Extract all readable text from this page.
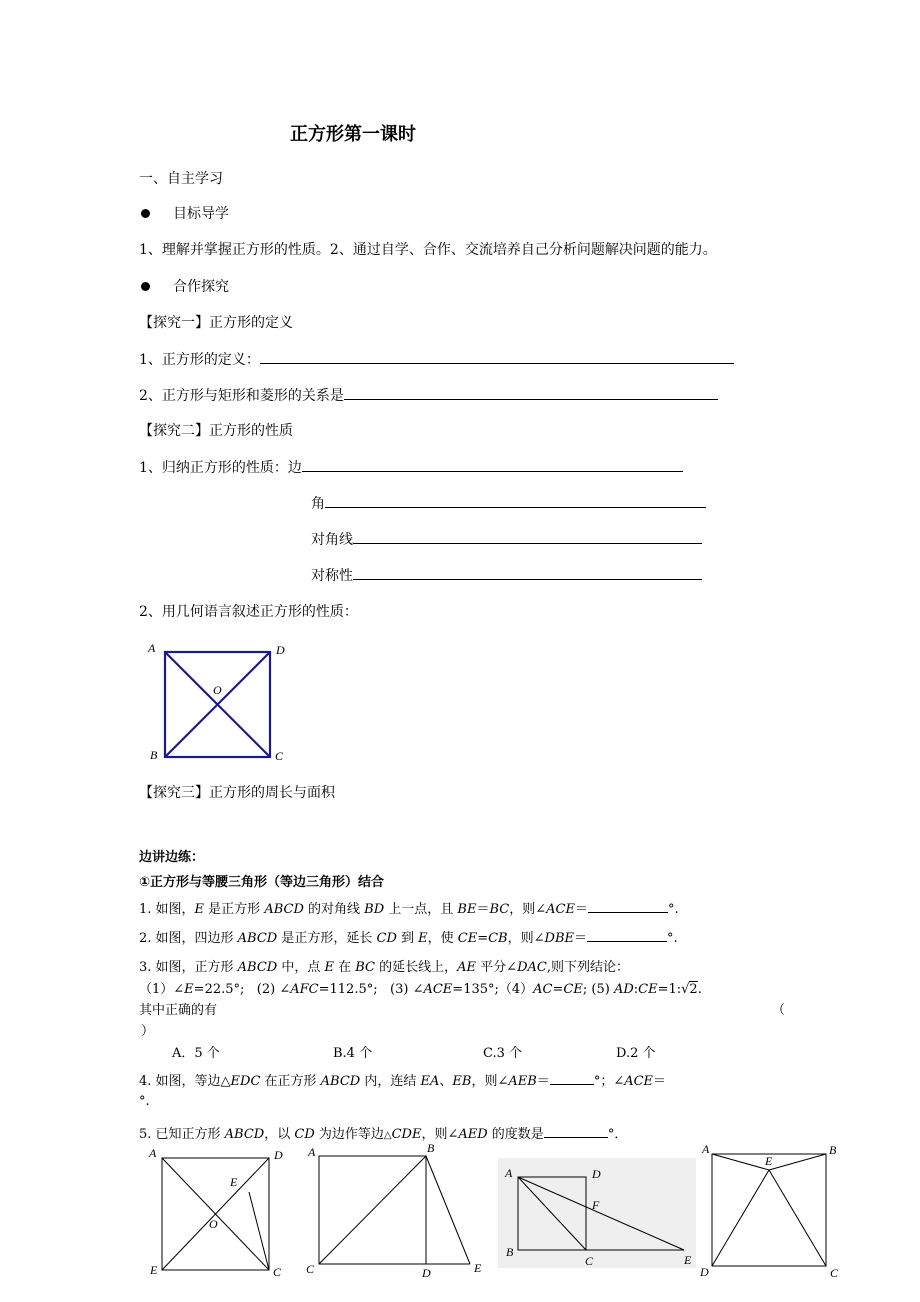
正方形第一课时
一、自主学习
目标导学
1、理解并掌握正方形的性质。2、通过自学、合作、交流培养自己分析问题解决问题的能力。
合作探究
【探究一】正方形的定义
1、正方形的定义：
2、正方形与矩形和菱形的关系是
【探究二】正方形的性质
1、归纳正方形的性质：边
角
对角线
对称性
2、用几何语言叙述正方形的性质：
A	D
O
B	C
【探究三】正方形的周长与面积
边讲边练：
①正方形与等腰三角形（等边三角形）结合
1. 如图，E 是正方形 ABCD 的对角线 BD 上一点，且 BE＝BC，则∠ACE＝	°.
2. 如图，四边形 ABCD 是正方形，延长 CD 到 E，使 CE=CB，则∠DBE＝	°.
3. 如图，正方形 ABCD 中，点 E 在 BC 的延长线上，AE 平分∠DAC,则下列结论：
（1）∠E=22.5°; (2) ∠AFC=112.5°; (3) ∠ACE=135°;（4）AC=CE; (5) AD:CE=1:√2.
其中正确的有	（
）
A．5 个	B.4 个	C.3 个	D.2 个
4. 如图，等边△EDC 在正方形 ABCD 内，连结 EA、EB，则∠AEB＝	°；∠ACE＝
°.
5. 已知正方形 ABCD，以 CD 为边作等边△CDE，则∠AED 的度数是	°．
A	D
E
O
E	C
A	B
C	D	E
A	D
F
B
C	E
A
E
B
D	C
